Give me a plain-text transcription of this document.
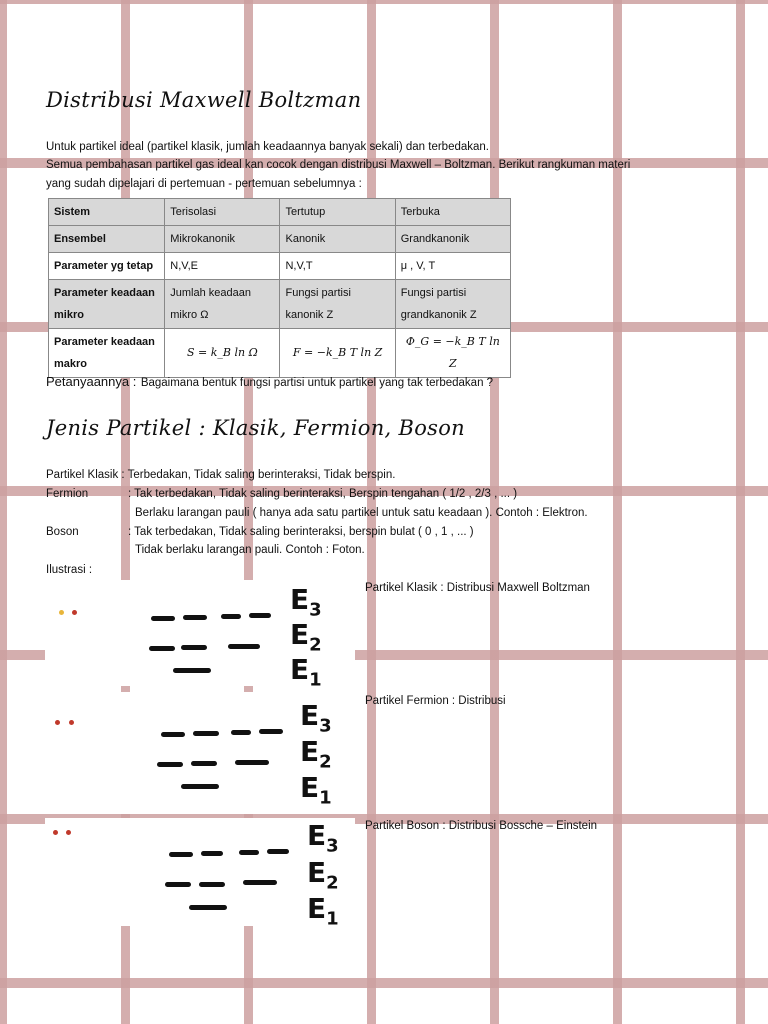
Distribusi Maxwell Boltzman
Untuk partikel ideal (partikel klasik, jumlah keadaannya banyak sekali) dan terbedakan.
Semua pembahasan partikel gas ideal kan cocok dengan distribusi Maxwell – Boltzman. Berikut rangkuman materi
yang sudah dipelajari di pertemuan - pertemuan sebelumnya :
Sistem	Terisolasi	Tertutup	Terbuka
Ensembel	Mikrokanonik	Kanonik	Grandkanonik
Parameter yg tetap	N,V,E	N,V,T	μ , V, T
Parameter keadaan mikro	Jumlah keadaan mikro Ω	Fungsi partisi kanonik Z	Fungsi partisi grandkanonik Z
Parameter keadaan makro	S = k_B ln Ω	F = −k_B T ln Z	Φ_G = −k_B T ln Z
Petanyaannya : Bagaimana bentuk fungsi partisi untuk partikel yang tak terbedakan ?
Jenis Partikel : Klasik, Fermion, Boson
Partikel Klasik : Terbedakan, Tidak saling berinteraksi, Tidak berspin.
Fermion	: Tak terbedakan, Tidak saling berinteraksi, Berspin tengahan ( 1/2 , 2/3 , ... )
Berlaku larangan pauli ( hanya ada satu partikel untuk satu keadaan ). Contoh : Elektron.
Boson	: Tak terbedakan, Tidak saling berinteraksi, berspin bulat ( 0 , 1 , ... )
Tidak berlaku larangan pauli. Contoh : Foton.
Ilustrasi :
$E_3$
$E_2$
$E_1$
Partikel Klasik : Distribusi Maxwell Boltzman
$E_3$
$E_2$
$E_1$
Partikel Fermion : Distribusi
$E_3$
$E_2$
$E_1$
Partikel Boson : Distribusi Bossche – Einstein
